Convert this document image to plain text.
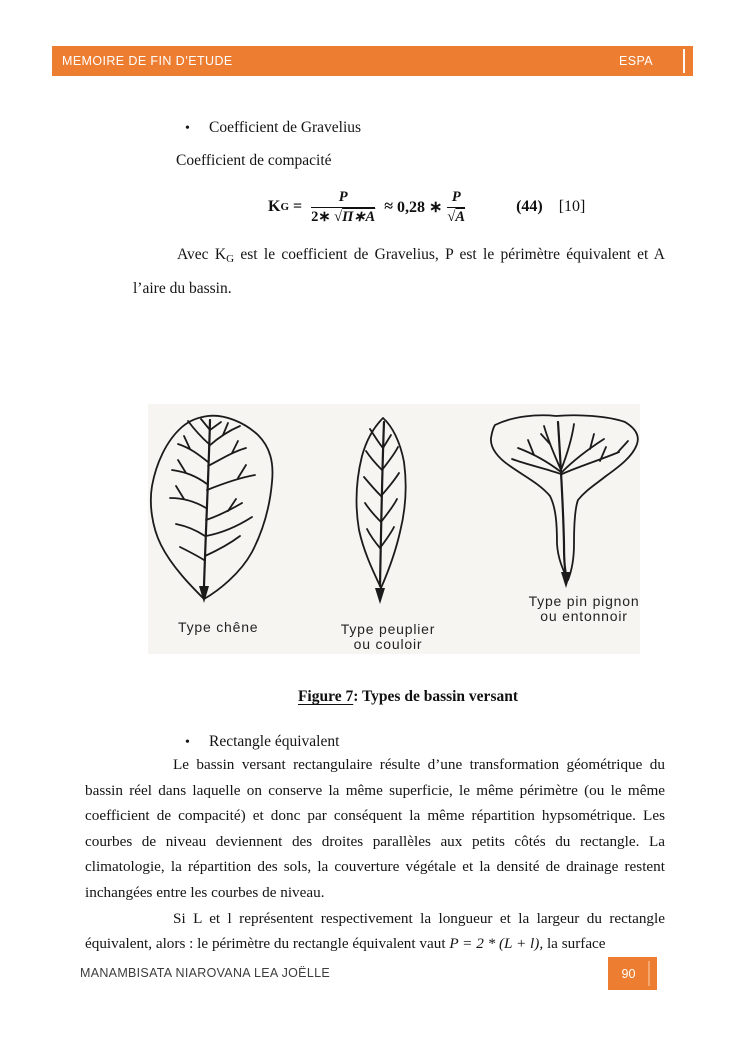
MEMOIRE DE FIN D’ETUDE	ESPA
• Coefficient de Gravelius
Coefficient de compacité
K $G = \frac{P}{2∗ √\Pi∗A} \approx 0,28$ ∗ $\frac{P}{√A}$	(44) [10]
Avec KG est le coefficient de Gravelius, P est le périmètre équivalent et A l’aire du bassin.
Type chêne	Type peuplier
ou couloir
Type pin pignon
ou entonnoir
Figure 7: Types de bassin versant
• Rectangle équivalent

Le bassin versant rectangulaire résulte d’une transformation géométrique du bassin réel dans laquelle on conserve la même superficie, le même périmètre (ou le même coefficient de compacité) et donc par conséquent la même répartition hypsométrique. Les courbes de niveau deviennent des droites parallèles aux petits côtés du rectangle. La climatologie, la répartition des sols, la couverture végétale et la densité de drainage restent inchangées entre les courbes de niveau.

Si L et l représentent respectivement la longueur et la largeur du rectangle équivalent, alors : le périmètre du rectangle équivalent vaut P = 2 * (L + l), la surface

MANAMBISATA NIAROVANA LEA JOËLLE	90
